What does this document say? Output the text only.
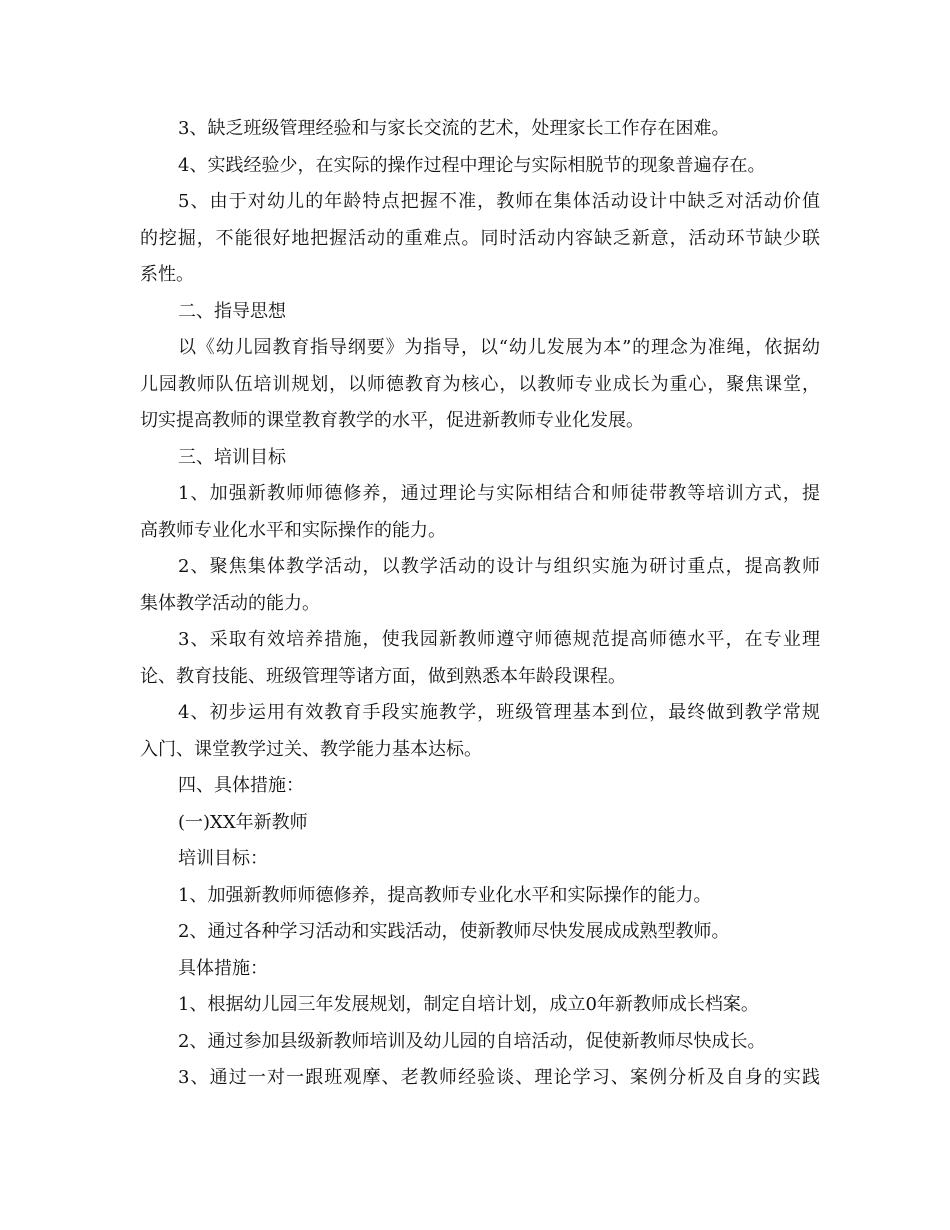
3、缺乏班级管理经验和与家长交流的艺术，处理家长工作存在困难。
4、实践经验少，在实际的操作过程中理论与实际相脱节的现象普遍存在。
5、由于对幼儿的年龄特点把握不准，教师在集体活动设计中缺乏对活动价值
的挖掘，不能很好地把握活动的重难点。同时活动内容缺乏新意，活动环节缺少联
系性。
二、指导思想
以《幼儿园教育指导纲要》为指导，以“幼儿发展为本”的理念为准绳，依据幼
儿园教师队伍培训规划，以师德教育为核心，以教师专业成长为重心，聚焦课堂，
切实提高教师的课堂教育教学的水平，促进新教师专业化发展。
三、培训目标
1、加强新教师师德修养，通过理论与实际相结合和师徒带教等培训方式，提
高教师专业化水平和实际操作的能力。
2、聚焦集体教学活动，以教学活动的设计与组织实施为研讨重点，提高教师
集体教学活动的能力。
3、采取有效培养措施，使我园新教师遵守师德规范提高师德水平，在专业理
论、教育技能、班级管理等诸方面，做到熟悉本年龄段课程。
4、初步运用有效教育手段实施教学，班级管理基本到位，最终做到教学常规
入门、课堂教学过关、教学能力基本达标。
四、具体措施：
(一)XX年新教师
培训目标：
1、加强新教师师德修养，提高教师专业化水平和实际操作的能力。
2、通过各种学习活动和实践活动，使新教师尽快发展成成熟型教师。
具体措施：
1、根据幼儿园三年发展规划，制定自培计划，成立0年新教师成长档案。
2、通过参加县级新教师培训及幼儿园的自培活动，促使新教师尽快成长。
3、通过一对一跟班观摩、老教师经验谈、理论学习、案例分析及自身的实践
